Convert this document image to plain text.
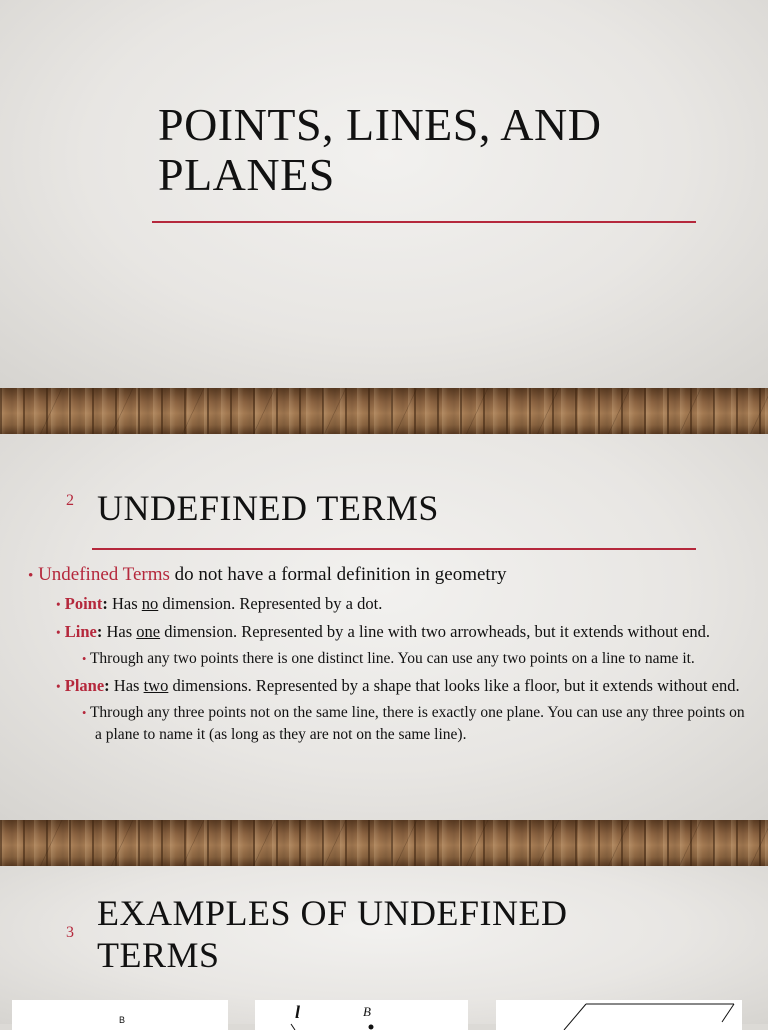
POINTS, LINES, AND
PLANES
2 UNDEFINED TERMS

• Undefined Terms do not have a formal definition in geometry

• Point: Has no dimension. Represented by a dot.

• Line: Has one dimension. Represented by a line with two arrowheads, but it extends without end.

• Through any two points there is one distinct line. You can use any two points on a line to name it.

• Plane: Has two dimensions. Represented by a shape that looks like a floor, but it extends without end.

• Through any three points not on the same line, there is exactly one plane. You can use any three points on a plane to name it (as long as they are not on the same line).

3 EXAMPLES OF UNDEFINED
TERMS
B	l	B
